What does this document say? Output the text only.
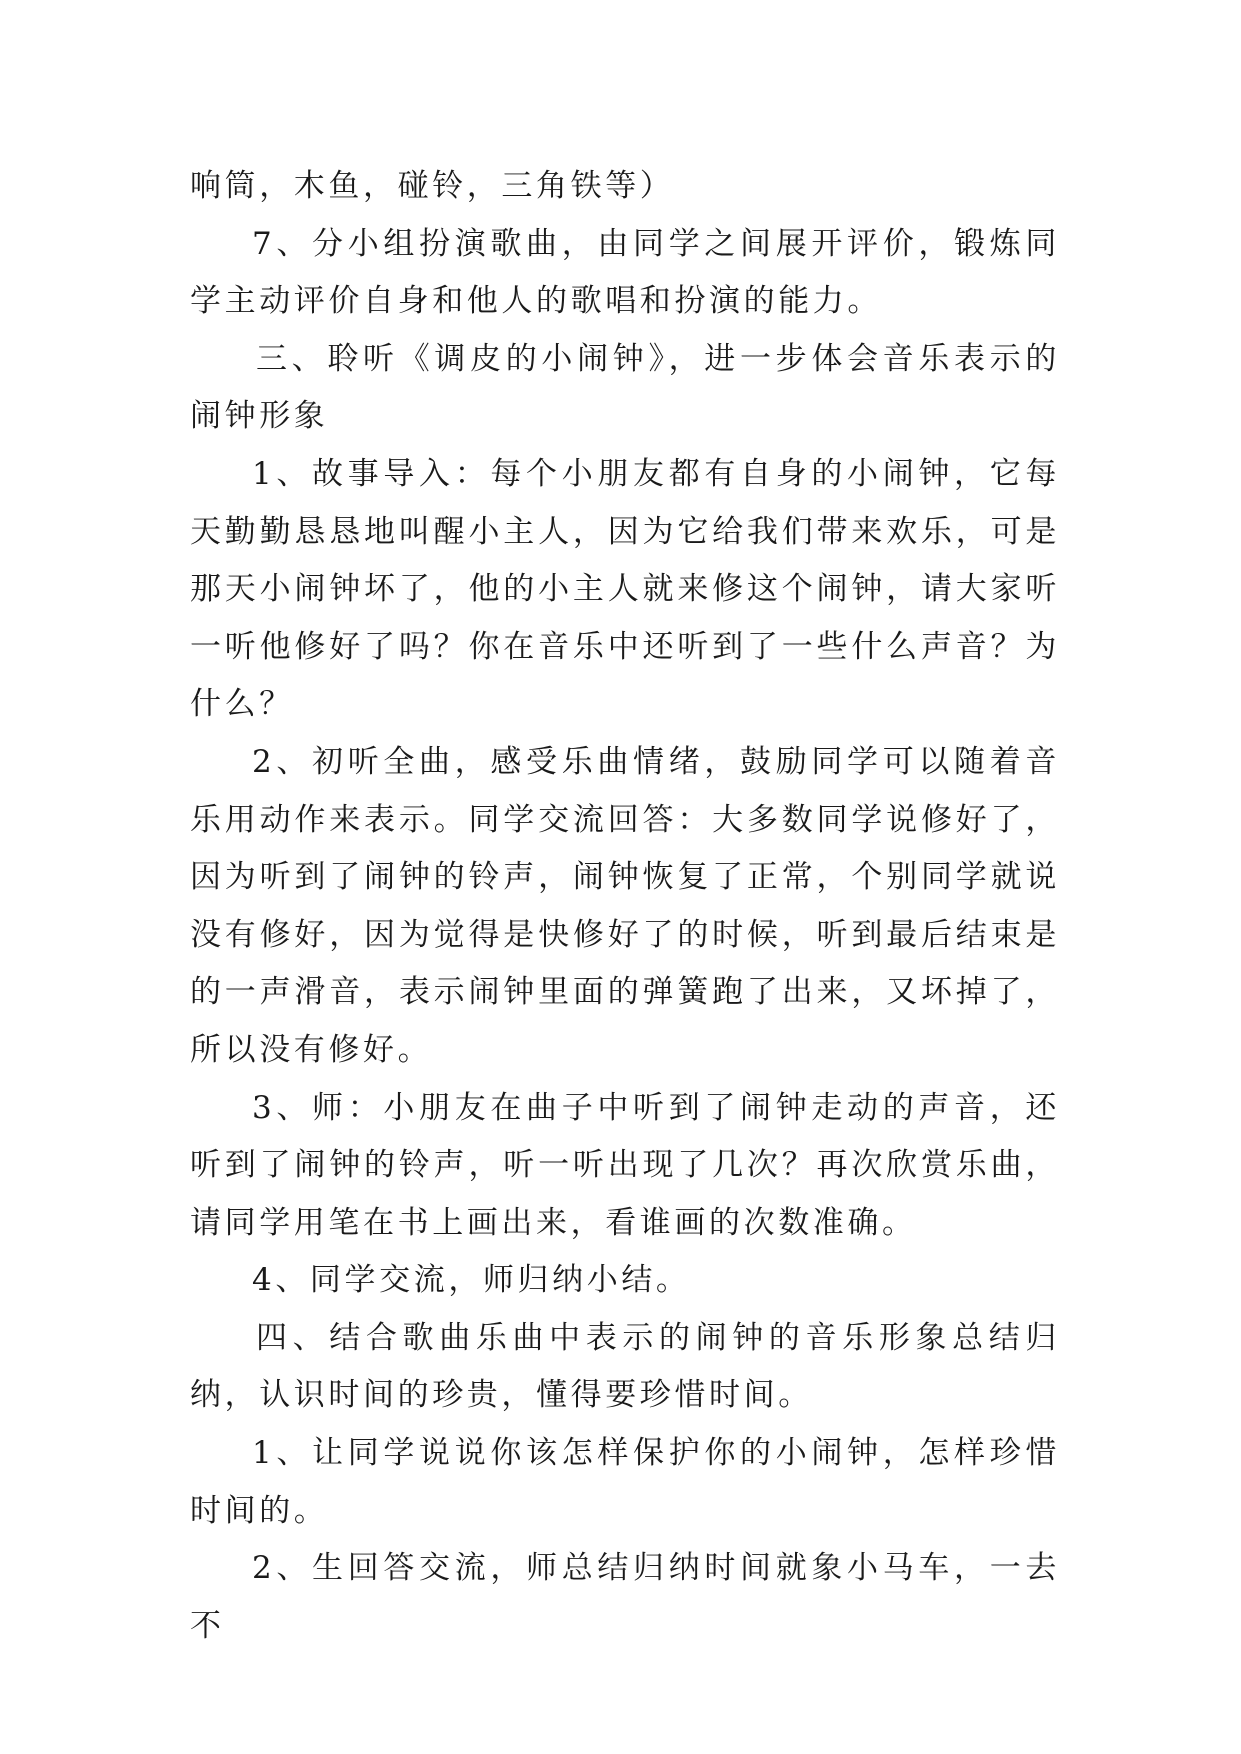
响筒，木鱼，碰铃，三角铁等）

7、分小组扮演歌曲，由同学之间展开评价，锻炼同学主动评价自身和他人的歌唱和扮演的能力。

三、聆听《调皮的小闹钟》，进一步体会音乐表示的闹钟形象

1、故事导入：每个小朋友都有自身的小闹钟，它每天勤勤恳恳地叫醒小主人，因为它给我们带来欢乐，可是那天小闹钟坏了，他的小主人就来修这个闹钟，请大家听一听他修好了吗？你在音乐中还听到了一些什么声音？为什么？

2、初听全曲，感受乐曲情绪，鼓励同学可以随着音乐用动作来表示。同学交流回答：大多数同学说修好了，因为听到了闹钟的铃声，闹钟恢复了正常，个别同学就说没有修好，因为觉得是快修好了的时候，听到最后结束是的一声滑音，表示闹钟里面的弹簧跑了出来，又坏掉了，所以没有修好。

3、师：小朋友在曲子中听到了闹钟走动的声音，还听到了闹钟的铃声，听一听出现了几次？再次欣赏乐曲，请同学用笔在书上画出来，看谁画的次数准确。

4、同学交流，师归纳小结。

四、结合歌曲乐曲中表示的闹钟的音乐形象总结归纳，认识时间的珍贵，懂得要珍惜时间。

1、让同学说说你该怎样保护你的小闹钟，怎样珍惜时间的。

2、生回答交流，师总结归纳时间就象小马车，一去不
